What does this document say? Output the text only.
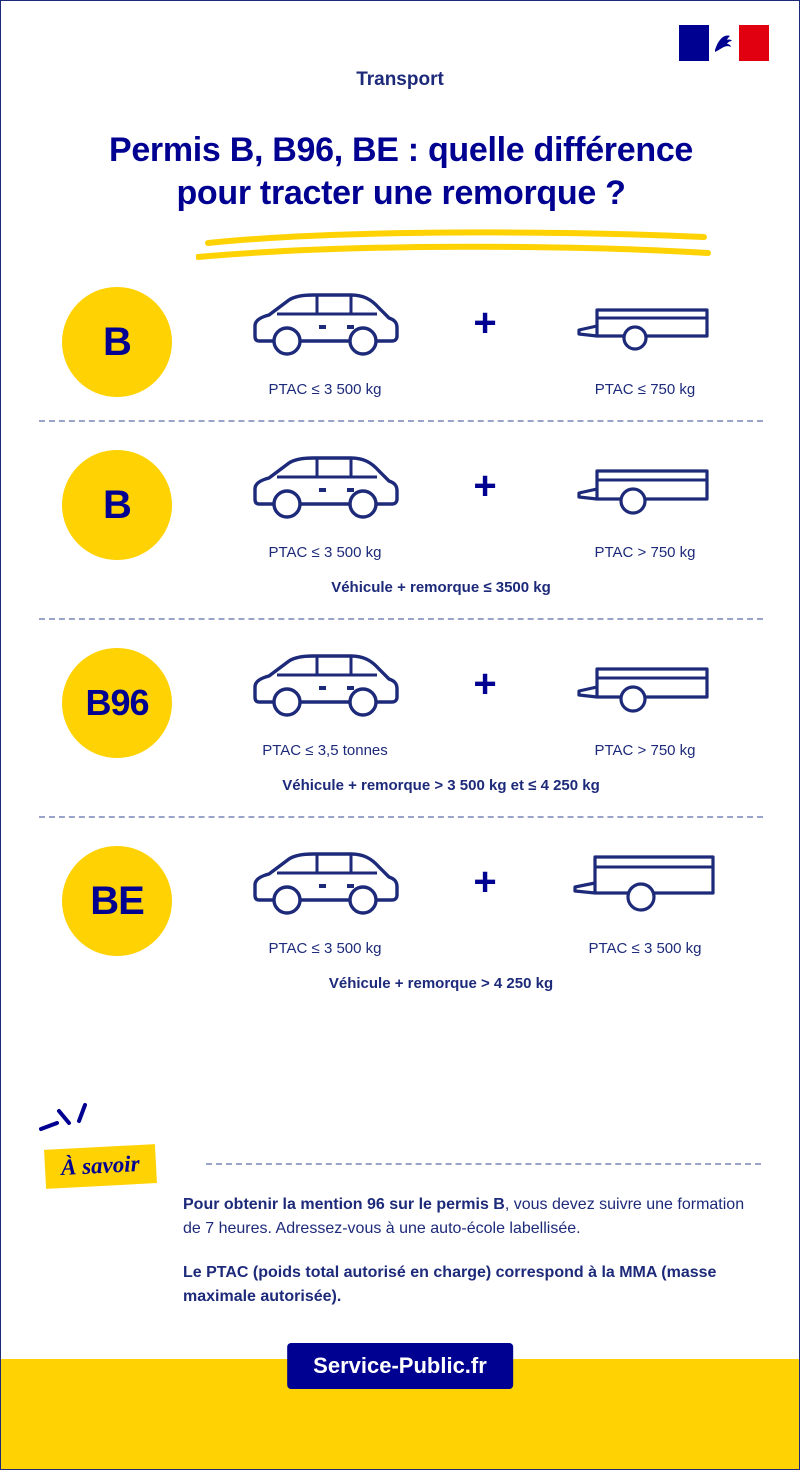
Transport
Permis B, B96, BE : quelle différence
pour tracter une remorque ?
B
PTAC ≤ 3 500 kg
+
PTAC ≤ 750 kg
B
PTAC ≤ 3 500 kg
+
PTAC > 750 kg
Véhicule + remorque ≤ 3500 kg
B96
PTAC ≤ 3,5 tonnes
+
PTAC > 750 kg
Véhicule + remorque > 3 500 kg et ≤ 4 250 kg
BE
PTAC ≤ 3 500 kg
+
PTAC ≤ 3 500 kg
Véhicule + remorque > 4 250 kg
À savoir

Pour obtenir la mention 96 sur le permis B, vous devez suivre une formation de 7 heures. Adressez-vous à une auto-école labellisée.

Le PTAC (poids total autorisé en charge) correspond à la MMA (masse maximale autorisée).

Service-Public.fr
